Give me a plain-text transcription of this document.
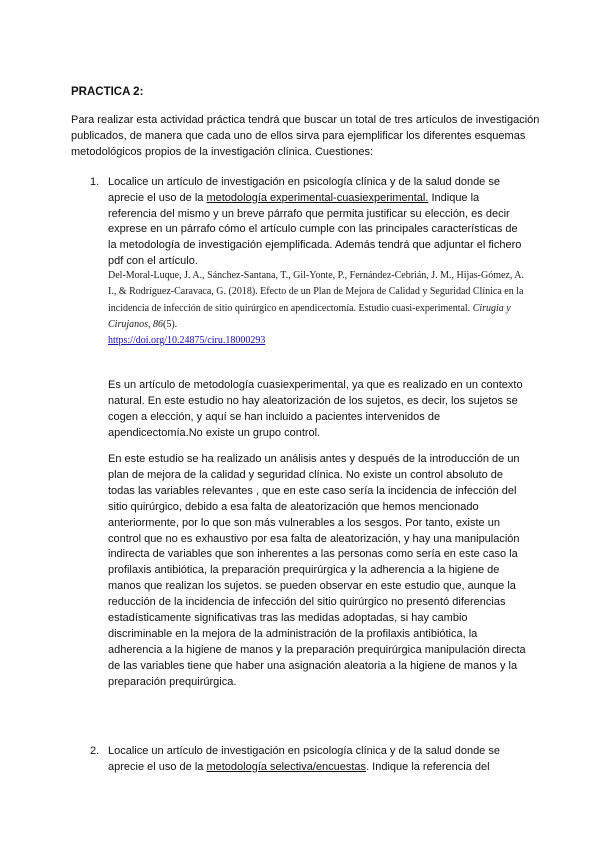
PRACTICA 2:
Para realizar esta actividad práctica tendrá que buscar un total de tres artículos de investigación publicados, de manera que cada uno de ellos sirva para ejemplificar los diferentes esquemas metodológicos propios de la investigación clínica. Cuestiones:
1. Localice un artículo de investigación en psicología clínica y de la salud donde se aprecie el uso de la metodología experimental-cuasiexperimental. Indique la referencia del mismo y un breve párrafo que permita justificar su elección, es decir exprese en un párrafo cómo el artículo cumple con las principales características de la metodología de investigación ejemplificada. Además tendrá que adjuntar el fichero pdf con el artículo.
Del-Moral-Luque, J. A., Sánchez-Santana, T., Gil-Yonte, P., Fernández-Cebrián, J. M., Hijas-Gómez, A. I., & Rodríguez-Caravaca, G. (2018). Efecto de un Plan de Mejora de Calidad y Seguridad Clínica en la incidencia de infección de sitio quirúrgico en apendicectomía. Estudio cuasi-experimental. Cirugia y Cirujanos, 86(5).
https://doi.org/10.24875/ciru.18000293
Es un artículo de metodología cuasiexperimental, ya que es realizado en un contexto natural. En este estudio no hay aleatorización de los sujetos, es decir, los sujetos se cogen a elección, y aquí se han incluido a pacientes intervenidos de apendicectomía.No existe un grupo control.
En este estudio se ha realizado un análisis antes y después de la introducción de un plan de mejora de la calidad y seguridad clínica. No existe un control absoluto de todas las variables relevantes , que en este caso sería la incidencia de infección del sitio quirúrgico, debido a esa falta de aleatorización que hemos mencionado anteriormente, por lo que son más vulnerables a los sesgos. Por tanto, existe un control que no es exhaustivo por esa falta de aleatorización, y hay una manipulación indirecta de variables que son inherentes a las personas como sería en este caso la profilaxis antibiótica, la preparación prequirúrgica y la adherencia a la higiene de manos que realizan los sujetos. se pueden observar en este estudio que, aunque la reducción de la incidencia de infección del sitio quirúrgico no presentó diferencias estadísticamente significativas tras las medidas adoptadas, si hay cambio discriminable en la mejora de la administración de la profilaxis antibiótica, la adherencia a la higiene de manos y la preparación prequirúrgica manipulación directa de las variables tiene que haber una asignación aleatoria a la higiene de manos y la preparación prequirúrgica.
2. Localice un artículo de investigación en psicología clínica y de la salud donde se aprecie el uso de la metodología selectiva/encuestas. Indique la referencia del
